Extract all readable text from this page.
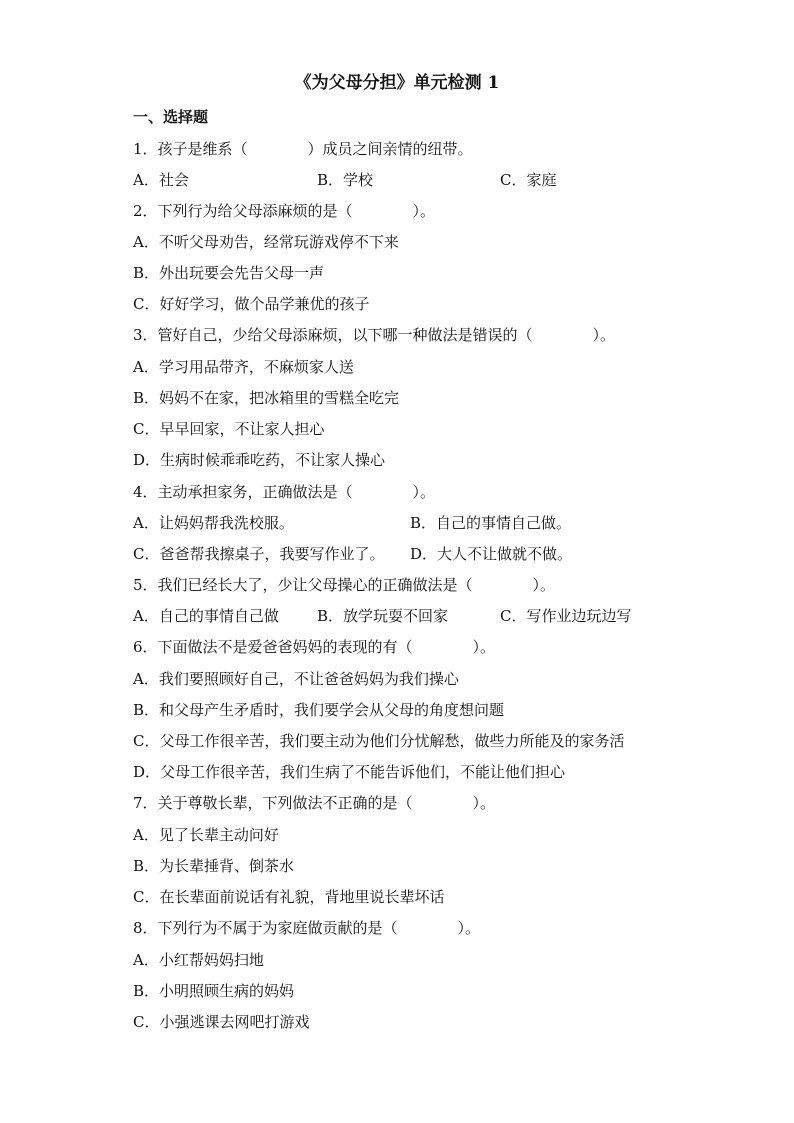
《为父母分担》单元检测 1
一、选择题
1．孩子是维系（　　　　）成员之间亲情的纽带。
A．社会	B．学校	C．家庭
2．下列行为给父母添麻烦的是（　　　　）。
A．不听父母劝告，经常玩游戏停不下来
B．外出玩要会先告父母一声
C．好好学习，做个品学兼优的孩子
3．管好自己，少给父母添麻烦，以下哪一种做法是错误的（　　　　）。
A．学习用品带齐，不麻烦家人送
B．妈妈不在家，把冰箱里的雪糕全吃完
C．早早回家，不让家人担心
D．生病时候乖乖吃药，不让家人操心
4．主动承担家务，正确做法是（　　　　）。
A．让妈妈帮我洗校服。	B．自己的事情自己做。
C．爸爸帮我擦桌子，我要写作业了。 D．大人不让做就不做。
5．我们已经长大了，少让父母操心的正确做法是（　　　　）。
A．自己的事情自己做	B．放学玩耍不回家	C．写作业边玩边写
6．下面做法不是爱爸爸妈妈的表现的有（　　　　）。
A．我们要照顾好自己，不让爸爸妈妈为我们操心
B．和父母产生矛盾时，我们要学会从父母的角度想问题
C．父母工作很辛苦，我们要主动为他们分忧解愁，做些力所能及的家务活
D．父母工作很辛苦，我们生病了不能告诉他们，不能让他们担心
7．关于尊敬长辈，下列做法不正确的是（　　　　）。
A．见了长辈主动问好
B．为长辈捶背、倒茶水
C．在长辈面前说话有礼貌，背地里说长辈坏话
8．下列行为不属于为家庭做贡献的是（　　　　）。
A．小红帮妈妈扫地
B．小明照顾生病的妈妈
C．小强逃课去网吧打游戏
